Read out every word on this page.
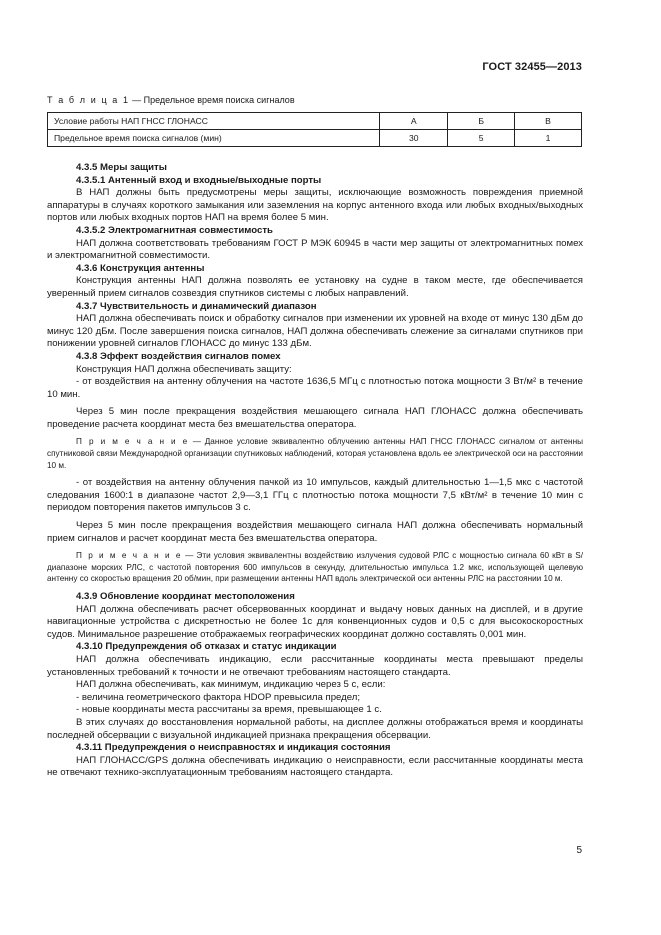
ГОСТ 32455—2013
Т а б л и ц а 1 — Предельное время поиска сигналов
Условие работы НАП ГНСС ГЛОНАСС	А	Б	В
Предельное время поиска сигналов (мин)	30	5	1

4.3.5 Меры защиты

4.3.5.1 Антенный вход и входные/выходные порты

В НАП должны быть предусмотрены меры защиты, исключающие возможность повреждения приемной аппаратуры в случаях короткого замыкания или заземления на корпус антенного входа или любых входных/выходных портов или любых входных портов НАП на время более 5 мин.

4.3.5.2 Электромагнитная совместимость

НАП должна соответствовать требованиям ГОСТ Р МЭК 60945 в части мер защиты от электромагнитных помех и электромагнитной совместимости.

4.3.6 Конструкция антенны

Конструкция антенны НАП должна позволять ее установку на судне в таком месте, где обеспечивается уверенный прием сигналов созвездия спутников системы с любых направлений.

4.3.7 Чувствительность и динамический диапазон

НАП должна обеспечивать поиск и обработку сигналов при изменении их уровней на входе от минус 130 дБм до минус 120 дБм. После завершения поиска сигналов, НАП должна обеспечивать слежение за сигналами спутников при понижении уровней сигналов ГЛОНАСС до минус 133 дБм.

4.3.8 Эффект воздействия сигналов помех

Конструкция НАП должна обеспечивать защиту:

- от воздействия на антенну облучения на частоте 1636,5 МГц с плотностью потока мощности 3 Вт/м² в течение 10 мин.

Через 5 мин после прекращения воздействия мешающего сигнала НАП ГЛОНАСС должна обеспечивать проведение расчета координат места без вмешательства оператора.

П р и м е ч а н и е — Данное условие эквивалентно облучению антенны НАП ГНСС ГЛОНАСС сигналом от антенны спутниковой связи Международной организации спутниковых наблюдений, которая установлена вдоль ее электрической оси на расстоянии 10 м.

- от воздействия на антенну облучения пачкой из 10 импульсов, каждый длительностью 1—1,5 мкс с частотой следования 1600:1 в диапазоне частот 2,9—3,1 ГГц с плотностью потока мощности 7,5 кВт/м² в течение 10 мин с периодом повторения пакетов импульсов 3 с.

Через 5 мин после прекращения воздействия мешающего сигнала НАП должна обеспечивать нормальный прием сигналов и расчет координат места без вмешательства оператора.

П р и м е ч а н и е — Эти условия эквивалентны воздействию излучения судовой РЛС с мощностью сигнала 60 кВт в S/диапазоне морских РЛС, с частотой повторения 600 импульсов в секунду, длительностью импульса 1.2 мкс, использующей щелевую антенну со скоростью вращения 20 об/мин, при размещении антенны НАП вдоль электрической оси антенны РЛС на расстоянии 10 м.

4.3.9 Обновление координат местоположения

НАП должна обеспечивать расчет обсервованных координат и выдачу новых данных на дисплей, и в другие навигационные устройства с дискретностью не более 1с для конвенционных судов и 0,5 с для высокоскоростных судов. Минимальное разрешение отображаемых географических координат должно составлять 0,001 мин.

4.3.10 Предупреждения об отказах и статус индикации

НАП должна обеспечивать индикацию, если рассчитанные координаты места превышают пределы установленных требований к точности и не отвечают требованиям настоящего стандарта.

НАП должна обеспечивать, как минимум, индикацию через 5 с, если:

- величина геометрического фактора HDOP превысила предел;

- новые координаты места рассчитаны за время, превышающее 1 с.

В этих случаях до восстановления нормальной работы, на дисплее должны отображаться время и координаты последней обсервации с визуальной индикацией признака прекращения обсервации.

4.3.11 Предупреждения о неисправностях и индикация состояния

НАП ГЛОНАСС/GPS должна обеспечивать индикацию о неисправности, если рассчитанные координаты места не отвечают технико-эксплуатационным требованиям настоящего стандарта.

5
